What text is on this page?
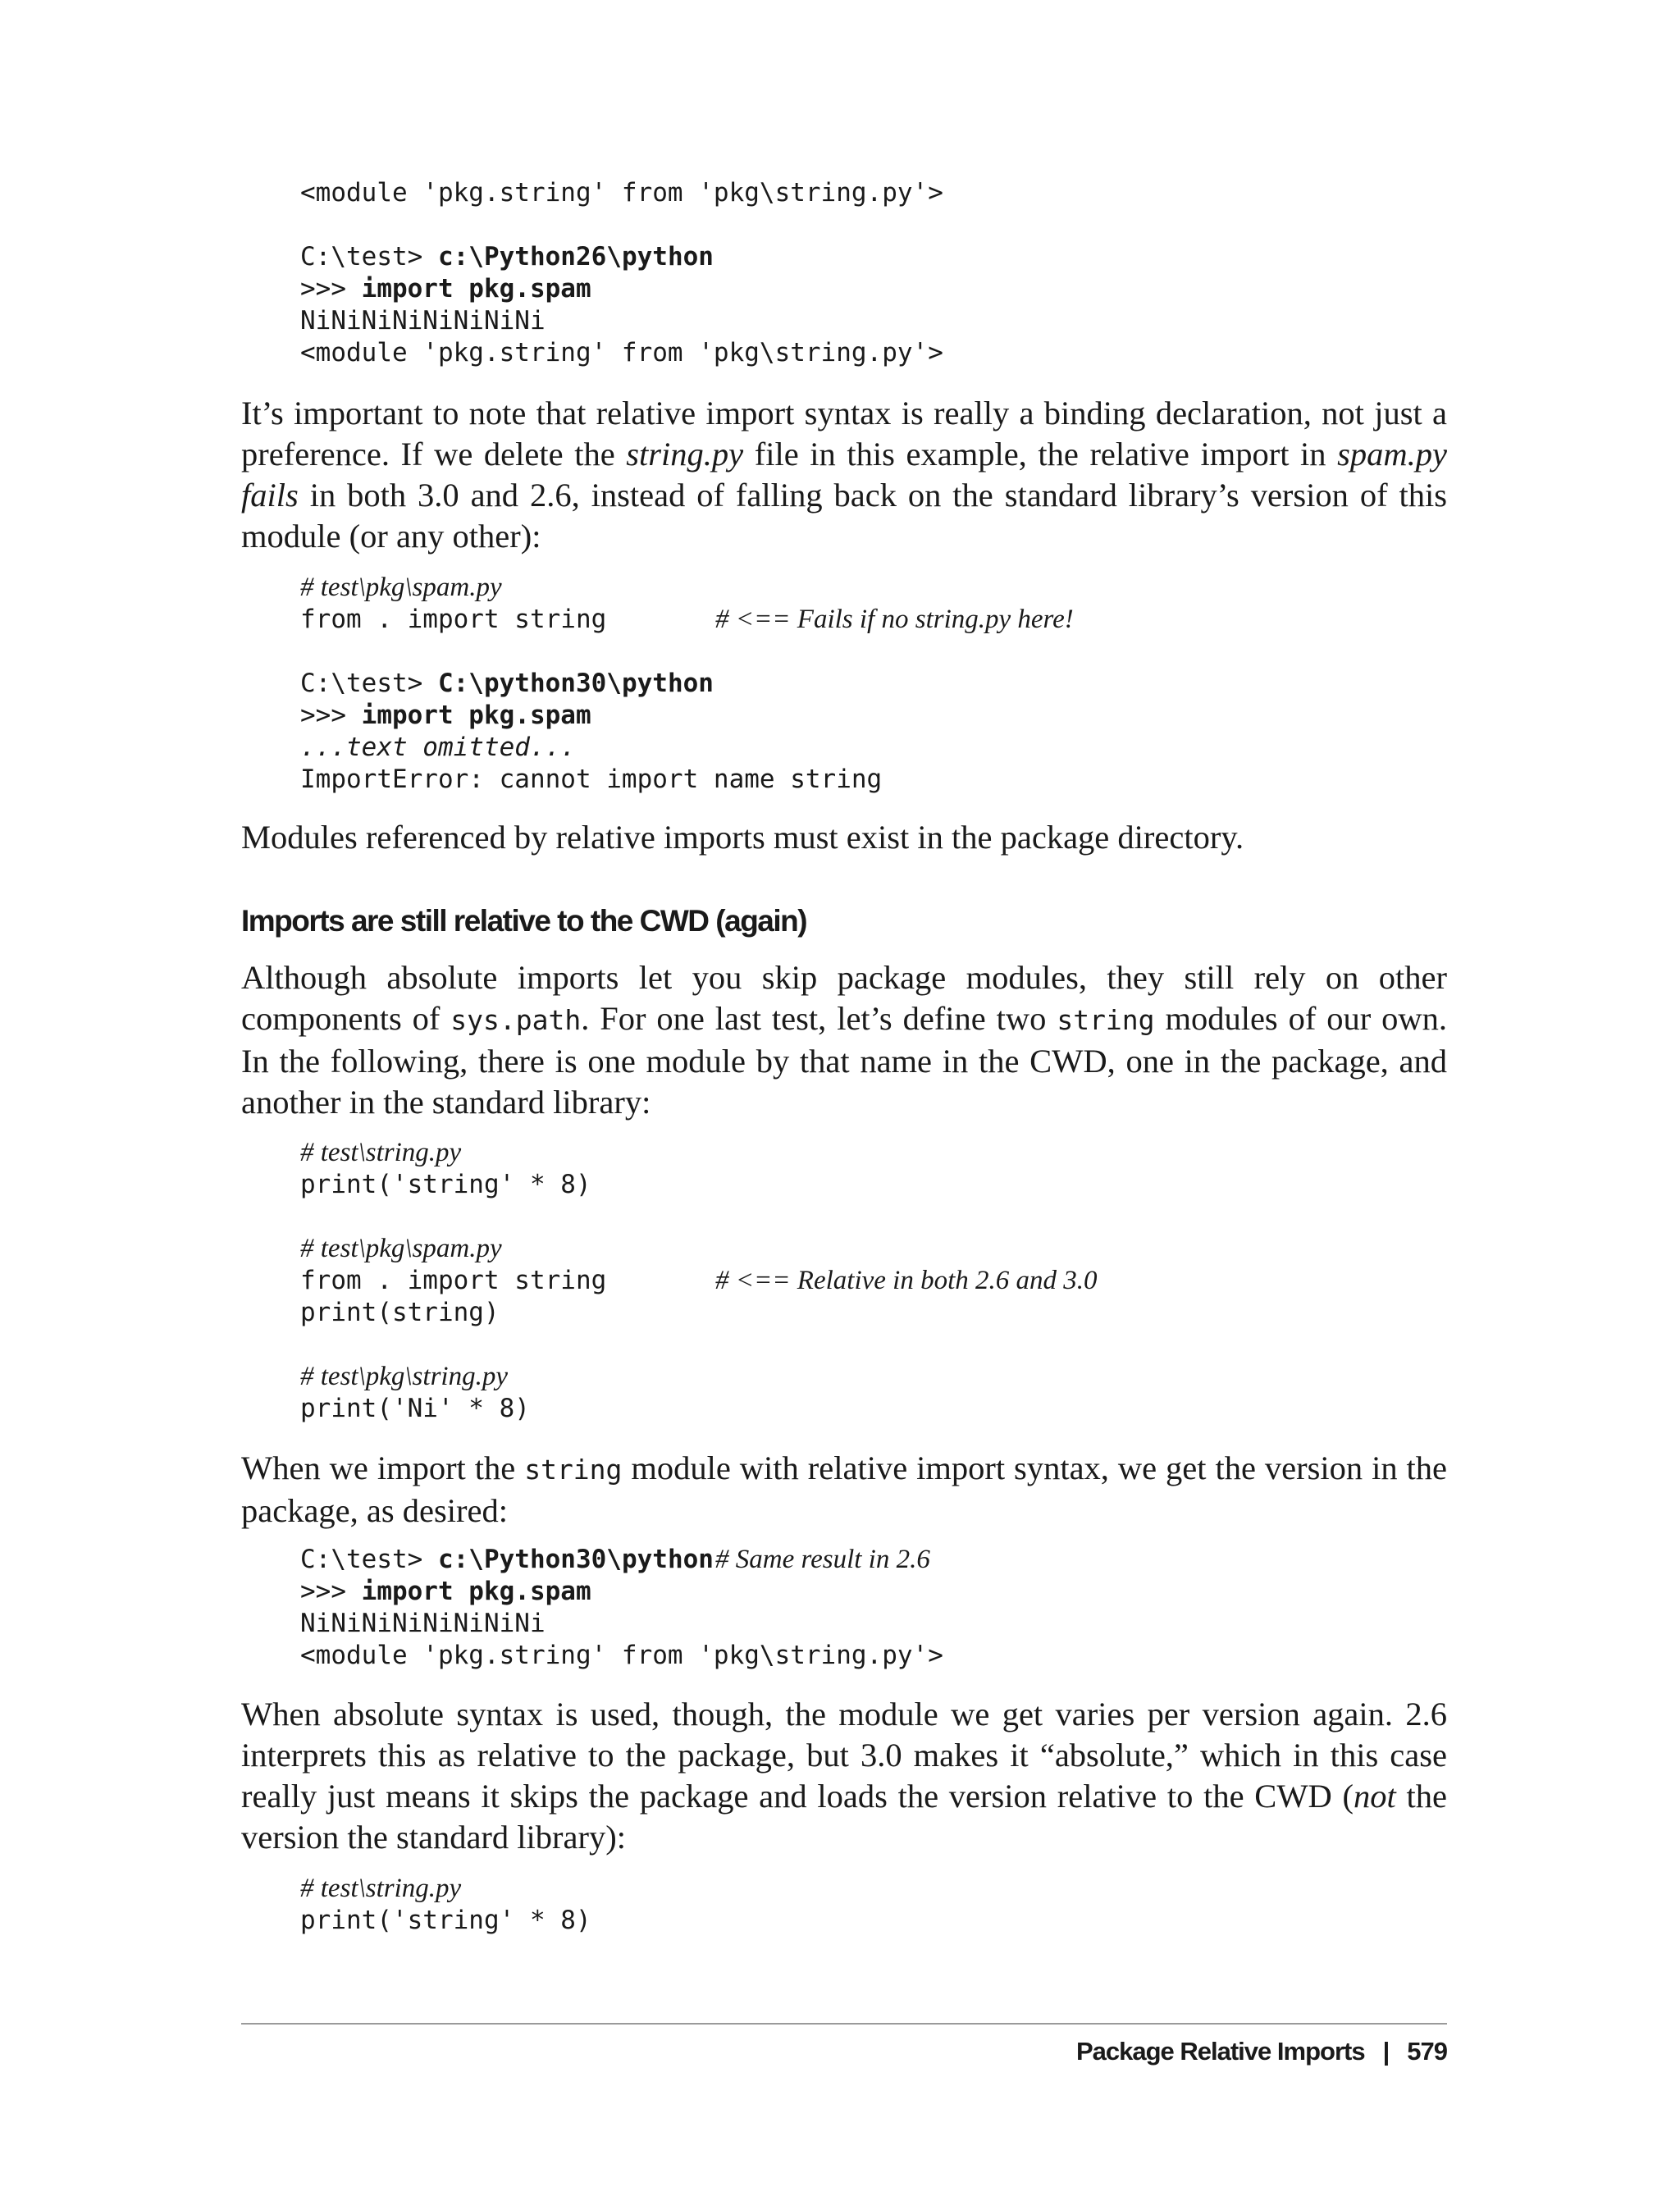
<module 'pkg.string' from 'pkg\string.py'>

C:\test> c:\Python26\python
>>> import pkg.spam
NiNiNiNiNiNiNiNi
<module 'pkg.string' from 'pkg\string.py'>

It’s important to note that relative import syntax is really a binding declaration, not just a preference. If we delete the string.py file in this example, the relative import in spam.py fails in both 3.0 and 2.6, instead of falling back on the standard library’s version of this module (or any other):

# test\pkg\spam.py
from . import string	# <== Fails if no string.py here!

C:\test> C:\python30\python
>>> import pkg.spam
...text omitted...
ImportError: cannot import name string

Modules referenced by relative imports must exist in the package directory.

Imports are still relative to the CWD (again)

Although absolute imports let you skip package modules, they still rely on other components of sys.path. For one last test, let’s define two string modules of our own. In the following, there is one module by that name in the CWD, one in the package, and another in the standard library:

# test\string.py
print('string' * 8)

# test\pkg\spam.py
from . import string	# <== Relative in both 2.6 and 3.0
print(string)

# test\pkg\string.py
print('Ni' * 8)

When we import the string module with relative import syntax, we get the version in the package, as desired:

C:\test> c:\Python30\python# Same result in 2.6
>>> import pkg.spam
NiNiNiNiNiNiNiNi
<module 'pkg.string' from 'pkg\string.py'>

When absolute syntax is used, though, the module we get varies per version again. 2.6 interprets this as relative to the package, but 3.0 makes it “absolute,” which in this case really just means it skips the package and loads the version relative to the CWD (not the version the standard library):

# test\string.py
print('string' * 8)
Package Relative Imports | 579
